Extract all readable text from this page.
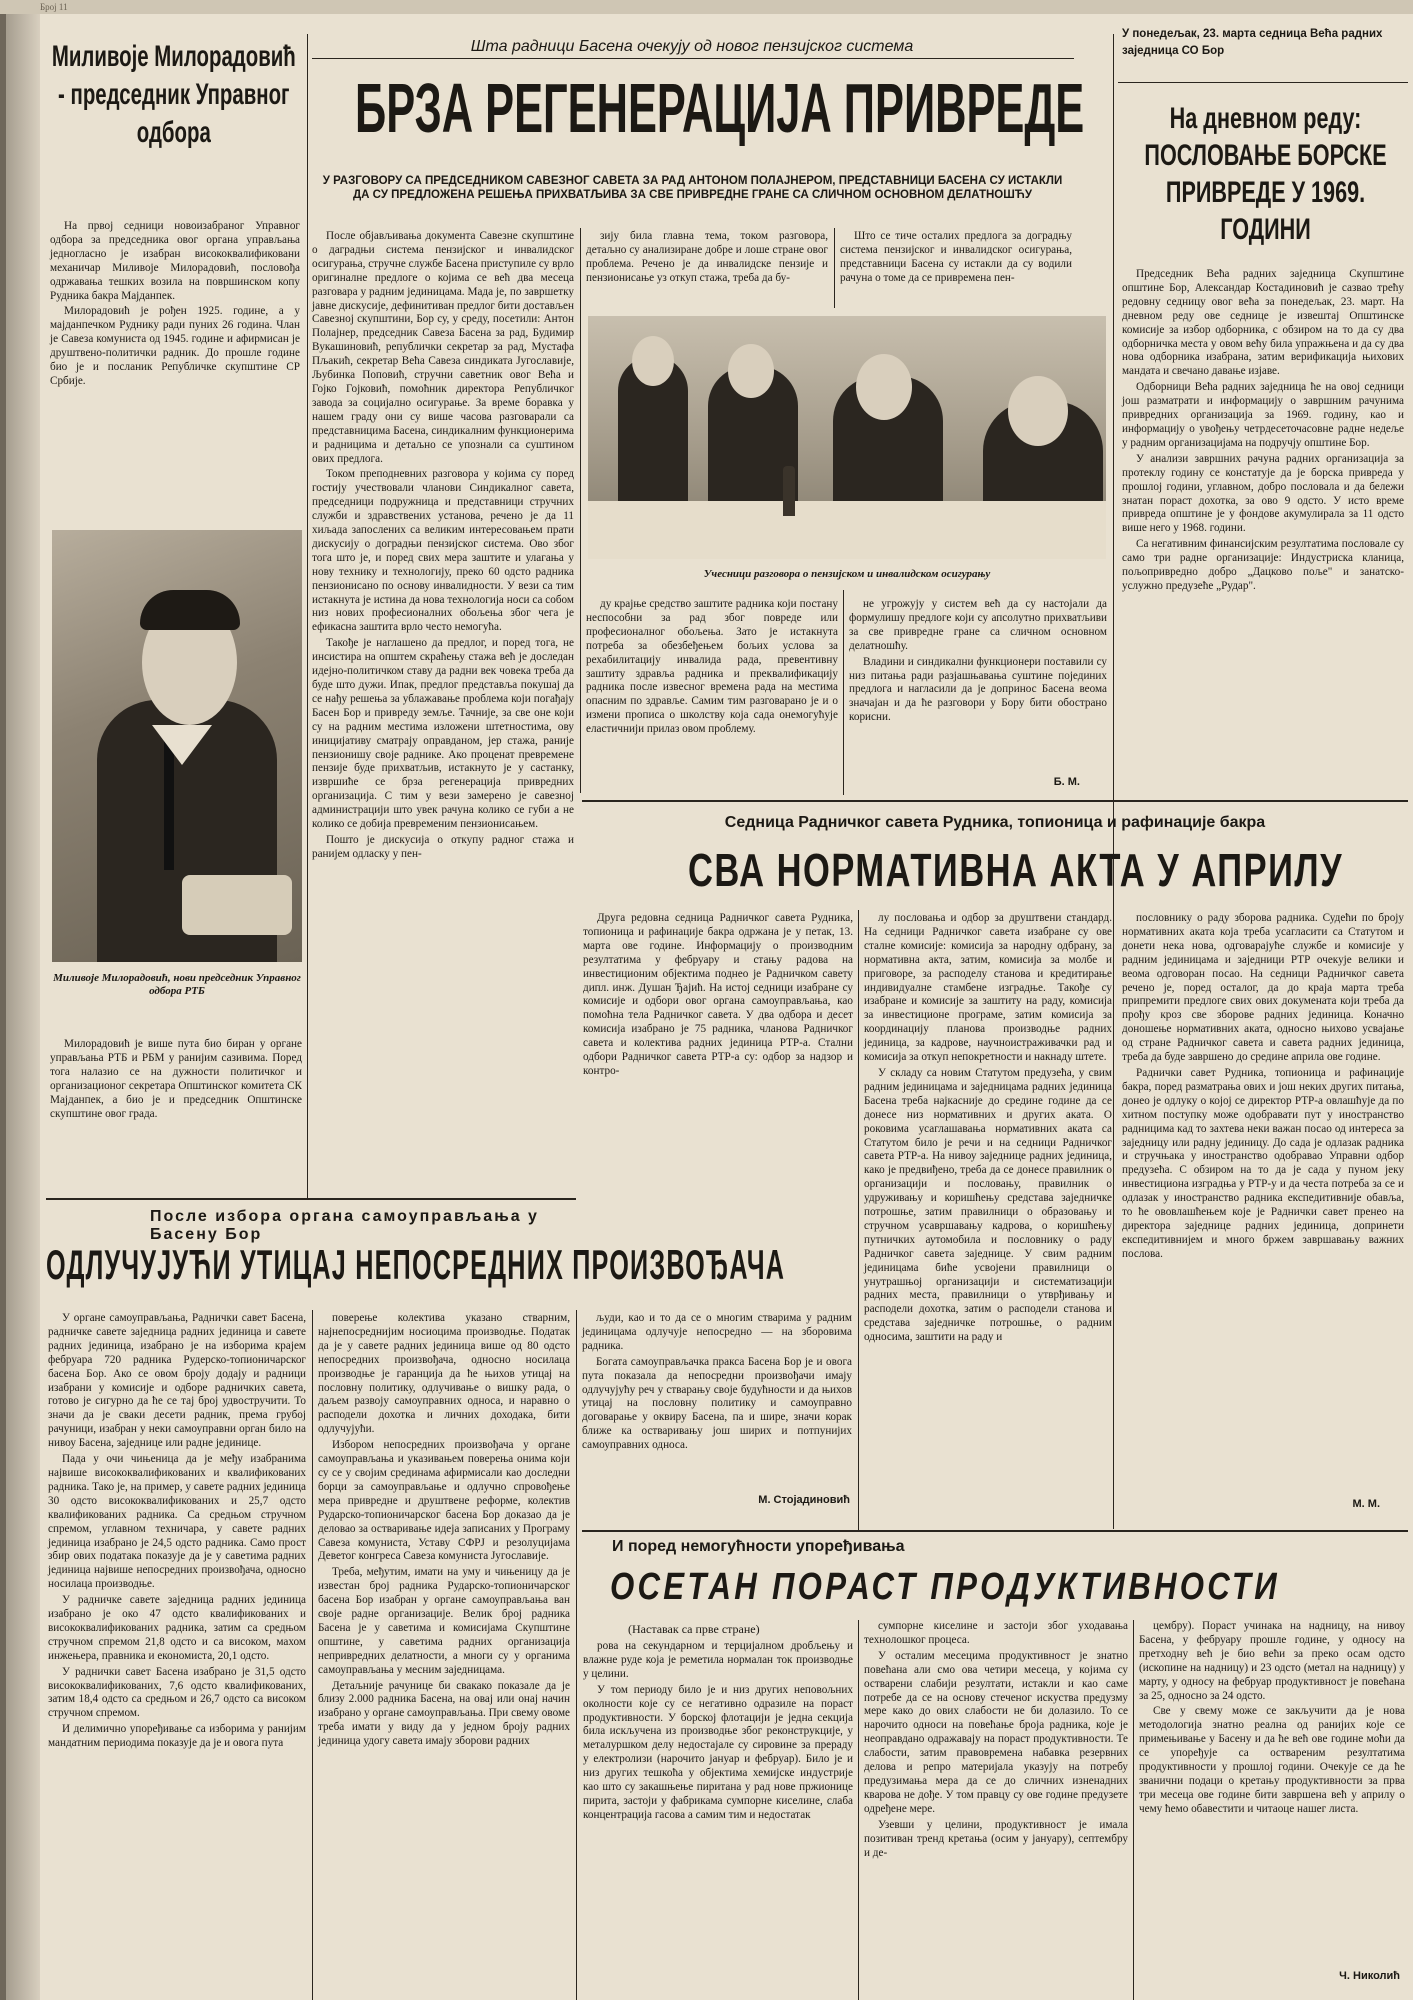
Број 11
Миливоје Милорадовић - председник Управног одбора

На првој седници новоизабраног Управног одбора за председника овог органа управљања једногласно је изабран висококвалификовани механичар Миливоје Милорадовић, пословођа одржавања тешких возила на површинском копу Рудника бакра Мајданпек.

Милорадовић је рођен 1925. године, а у мајданпечком Руднику ради пуних 26 година. Члан је Савеза комуниста од 1945. године и афирмисан је друштвено-политички радник. До прошле године био је и посланик Републичке скупштине СР Србије.

Миливоје Милорадовић, нови председник Управног одбора РТБ

Милорадовић је више пута био биран у органе управљања РТБ и РБМ у ранијим сазивима. Поред тога налазио се на дужности политичког и организационог секретара Општинског комитета СК Мајданпек, а био је и председник Општинске скупштине овог града.

Шта радници Басена очекују од новог пензијског система
БРЗА РЕГЕНЕРАЦИЈА ПРИВРЕДЕ
У РАЗГОВОРУ СА ПРЕДСЕДНИКОМ САВЕЗНОГ САВЕТА ЗА РАД АНТОНОМ ПОЛАЈНЕРОМ, ПРЕДСТАВНИЦИ БАСЕНА СУ ИСТАКЛИ ДА СУ ПРЕДЛОЖЕНА РЕШЕЊА ПРИХВАТЉИВА ЗА СВЕ ПРИВРЕДНЕ ГРАНЕ СА СЛИЧНОМ ОСНОВНОМ ДЕЛАТНОШЋУ

После објављивања документа Савезне скупштине о даградњи система пензијског и инвалидског осигурања, стручне службе Басена приступиле су врло оригиналне предлоге о којима се већ два месеца разговара у радним јединицама. Мада је, по завршетку јавне дискусије, дефинитиван предлог бити достављен Савезној скупштини, Бор су, у среду, посетили: Антон Полајнер, председник Савеза Басена за рад, Будимир Вукашиновић, републички секретар за рад, Мустафа Пљакић, секретар Већа Савеза синдиката Југославије, Љубинка Поповић, стручни саветник овог Већа и Гојко Гојковић, помоћник директора Републичког завода за социјално осигурање. За време боравка у нашем граду они су више часова разговарали са представницима Басена, синдикалним функционерима и радницима и детаљно се упознали са суштином ових предлога.

Током преподневних разговора у којима су поред гостију учествовали чланови Синдикалног савета, председници подружница и представници стручних служби и здравствених установа, речено је да 11 хиљада запослених са великим интересовањем прати дискусију о доградњи пензијског система. Ово због тога што је, и поред свих мера заштите и улагања у нову технику и технологију, преко 60 одсто радника пензионисано по основу инвалидности. У вези са тим истакнута је истина да нова технологија носи са собом низ нових професионалних обољења због чега је ефикасна заштита врло често немогућа.

Такође је наглашено да предлог, и поред тога, не инсистира на општем скраћењу стажа већ је доследан идејно-политичком ставу да радни век човека треба да буде што дужи. Ипак, предлог представља покушај да се нађу решења за ублажавање проблема који погађају Басен Бор и привреду земље. Тачније, за све оне који су на радним местима изложени штетностима, ову иницијативу сматрају оправданом, јер стажа, раније пензионишу своје раднике. Ако проценат превремене пензије буде прихватљив, истакнуто је у састанку, извршиће се брза регенерација привредних организација. С тим у вези замерено је савезној администрацији што увек рачуна колико се губи а не колико се добија превременим пензионисањем.

Пошто је дискусија о откупу радног стажа и ранијем одласку у пен-

зију била главна тема, током разговора, детаљно су анализиране добре и лоше стране овог проблема. Речено је да инвалидске пензије и пензионисање уз откуп стажа, треба да бу-

Што се тиче осталих предлога за доградњу система пензијског и инвалидског осигурања, представници Басена су истакли да су водили рачуна о томе да се привремена пен-

Учесници разговора о пензијском и инвалидском осигурању

ду крајње средство заштите радника који постану неспособни за рад због повреде или професионалног обољења. Зато је истакнута потреба за обезбеђењем бољих услова за рехабилитацију инвалида рада, превентивну заштиту здравља радника и преквалификацију радника после извесног времена рада на местима опасним по здравље. Самим тим разговарано је и о измени прописа о школству која сада онемогућује еластичнији прилаз овом проблему.

не угрожују у систем већ да су настојали да формулишу предлоге који су апсолутно прихватљиви за све привредне гране са сличном основном делатношћу.

Владини и синдикални функционери поставили су низ питања ради разјашњавања суштине појединих предлога и нагласили да је допринос Басена веома значајан и да ће разговори у Бору бити обострано корисни.

Б. М.
У понедељак, 23. марта седница Већа радних заједница СО Бор
На дневном реду: ПОСЛОВАЊЕ БОРСКЕ ПРИВРЕДЕ У 1969. ГОДИНИ

Председник Већа радних заједница Скупштине општине Бор, Александар Костадиновић је сазвао трећу редовну седницу овог већа за понедељак, 23. март. На дневном реду ове седнице је извештај Општинске комисије за избор одборника, с обзиром на то да су два одборничка места у овом већу била упражњена и да су два нова одборника изабрана, затим верификација њихових мандата и свечано давање изјаве.

Одборници Већа радних заједница ће на овој седници још разматрати и информацију о завршним рачунима привредних организација за 1969. годину, као и информацију о увођењу четрдесеточасовне радне недеље у радним организацијама на подручју општине Бор.

У анализи завршних рачуна радних организација за протеклу годину се констатује да је борска привреда у прошлој години, углавном, добро пословала и да бележи знатан пораст дохотка, за ово 9 одсто. У исто време привреда општине је у фондове акумулирала за 11 одсто више него у 1968. години.

Са негативним финансијским резултатима пословале су само три радне организације: Индустриска кланица, пољопривредно добро „Дацково поље" и занатско-услужно предузеће „Рудар".

Седница Радничког савета Рудника, топионица и рафинације бакра
СВА НОРМАТИВНА АКТА У АПРИЛУ

Друга редовна седница Радничког савета Рудника, топионица и рафинације бакра одржана је у петак, 13. марта ове године. Информацију о производним резултатима у фебруару и стању радова на инвестиционим објектима поднео је Радничком савету дипл. инж. Душан Ђајић. На истој седници изабране су комисије и одбори овог органа самоуправљања, као помоћна тела Радничког савета. У два одбора и десет комисија изабрано је 75 радника, чланова Радничког савета и колектива радних јединица РТР-а. Стални одбори Радничког савета РТР-а су: одбор за надзор и контро-

лу пословања и одбор за друштвени стандард. На седници Радничког савета изабране су ове сталне комисије: комисија за народну одбрану, за нормативна акта, затим, комисија за молбе и приговоре, за расподелу станова и кредитирање индивидуалне стамбене изградње. Такође су изабране и комисије за заштиту на раду, комисија за инвестиционе програме, затим комисија за координацију планова производње радних јединица, за кадрове, научноистраживачки рад и комисија за откуп непокретности и накнаду штете.

У складу са новим Статутом предузећа, у свим радним јединицама и заједницама радних јединица Басена треба најкасније до средине године да се донесе низ нормативних и других аката. О роковима усаглашавања нормативних аката са Статутом било је речи и на седници Радничког савета РТР-а. На нивоу заједнице радних јединица, како је предвиђено, треба да се донесе правилник о организацији и пословању, правилник о удруживању и коришћењу средстава заједничке потрошње, затим правилници о образовању и стручном усавршавању кадрова, о коришћењу путничких аутомобила и пословнику о раду Радничког савета заједнице. У свим радним јединицама биће усвојени правилници о унутрашњој организацији и систематизацији радних места, правилници о утврђивању и расподели дохотка, затим о расподели станова и средстава заједничке потрошње, о радним односима, заштити на раду и

пословнику о раду зборова радника. Судећи по броју нормативних аката која треба усагласити са Статутом и донети нека нова, одговарајуће службе и комисије у радним јединицама и заједници РТР очекује велики и веома одговоран посао. На седници Радничког савета речено је, поред осталог, да до краја марта треба припремити предлоге свих ових докумената који треба да прођу кроз све зборове радних јединица. Коначно доношење нормативних аката, односно њихово усвајање од стране Радничког савета и савета радних јединица, треба да буде завршено до средине априла ове године.

Раднички савет Рудника, топионица и рафинације бакра, поред разматрања ових и још неких других питања, донео је одлуку о којој се директор РТР-а овлашћује да по хитном поступку може одобравати пут у иностранство радницима кад то захтева неки важан посао од интереса за заједницу или радну јединицу. До сада је одлазак радника и стручњака у иностранство одобравао Управни одбор предузећа. С обзиром на то да је сада у пуном јеку инвестициона изградња у РТР-у и да честа потреба за се и одлазак у иностранство радника експедитивније обавља, то ће ововлашћењем које је Раднички савет пренео на директора заједнице радних јединица, допринети експедитивнијем и много бржем завршавању важних послова.

М. М.
После избора органа самоуправљања у Басену Бор
ОДЛУЧУЈУЋИ УТИЦАЈ НЕПОСРЕДНИХ ПРОИЗВОЂАЧА

У органе самоуправљања, Раднички савет Басена, радничке савете заједница радних јединица и савете радних јединица, изабрано је на изборима крајем фебруара 720 радника Рудерско-топионичарског басена Бор. Ако се овом броју додају и радници изабрани у комисије и одборе радничких савета, готово је сигурно да ће се тај број удвостручити. То значи да је сваки десети радник, према грубој рачуници, изабран у неки самоуправни орган било на нивоу Басена, заједнице или радне јединице.

Пада у очи чињеница да је међу изабранима највише висококвалификованих и квалификованих радника. Тако је, на пример, у савете радних јединица 30 одсто висококвалификованих и 25,7 одсто квалификованих радника. Са средњом стручном спремом, углавном техничара, у савете радних јединица изабрано је 24,5 одсто радника. Само прост збир ових података показује да је у саветима радних јединица највише непосредних произвођача, односно носилаца производње.

У радничке савете заједница радних јединица изабрано је око 47 одсто квалификованих и висококвалификованих радника, затим са средњом стручном спремом 21,8 одсто и са високом, махом инжењера, правника и економиста, 20,1 одсто.

У раднички савет Басена изабрано је 31,5 одсто висококвалификованих, 7,6 одсто квалификованих, затим 18,4 одсто са средњом и 26,7 одсто са високом стручном спремом.

И делимично упоређивање са изборима у ранијим мандатним периодима показује да је и овога пута

поверење колектива указано стварним, најнепосреднијим носиоцима производње. Податак да је у савете радних јединица више од 80 одсто непосредних произвођача, односно носилаца производње је гаранција да ће њихов утицај на пословну политику, одлучивање о вишку рада, о даљем развоју самоуправних односа, и наравно о расподели дохотка и личних доходака, бити одлучујући.

Избором непосредних произвођача у органе самоуправљања и указивањем поверења онима који су се у својим срединама афирмисали као доследни борци за самоуправљање и одлучно спровођење мера привредне и друштвене реформе, колектив Рударско-топионичарског басена Бор доказао да је деловао за остваривање идеја записаних у Програму Савеза комуниста, Уставу СФРЈ и резолуцијама Деветог конгреса Савеза комуниста Југославије.

Треба, међутим, имати на уму и чињеницу да је известан број радника Рударско-топионичарског басена Бор изабран у органе самоуправљања ван своје радне организације. Велик број радника Басена је у саветима и комисијама Скупштине општине, у саветима радних организација непривредних делатности, а многи су у органима самоуправљања у месним заједницама.

Детаљније рачунице би свакако показале да је близу 2.000 радника Басена, на овај или онај начин изабрано у органе самоуправљања. При свему овоме треба имати у виду да у једном броју радних јединица удогу савета имају зборови радних

људи, као и то да се о многим стварима у радним јединицама одлучује непосредно — на зборовима радника.

Богата самоуправљачка пракса Басена Бор је и овога пута показала да непосредни произвођачи имају одлучујућу реч у стварању своје будућности и да њихов утицај на пословну политику и самоуправно договарање у оквиру Басена, па и шире, значи корак ближе ка остваривању још ширих и потпунијих самоуправних односа.

М. Стојадиновић
И поред немогућности упоређивања
ОСЕТАН ПОРАСТ ПРОДУКТИВНОСТИ
(Наставак са прве стране)

рова на секундарном и терцијалном дробљењу и влажне руде која је реметила нормалан ток производње у целини.

У том периоду било је и низ других неповољних околности које су се негативно одразиле на пораст продуктивности. У борској флотацији је једна секција била искључена из производње због реконструкције, у металуршком делу недостајале су сировине за прераду у електролизи (нарочито јануар и фебруар). Било је и низ других тешкоћа у објектима хемијске индустрије као што су закашњење пиритана у рад нове пржионице пирита, застоји у фабрикама сумпорне киселине, слаба концентрација гасова а самим тим и недостатак

сумпорне киселине и застоји због уходавања технолошког процеса.

У осталим месецима продуктивност је знатно повећана али смо ова четири месеца, у којима су остварени слабији резултати, истакли и као саме потребе да се на основу стеченог искуства предузму мере како до ових слабости не би долазило. То се нарочито односи на повећање броја радника, које је неоправдано одражавају на пораст продуктивности. Те слабости, затим правовремена набавка резервних делова и репро материјала указују на потребу предузимања мера да се до сличних изненадних кварова не дође. У том правцу су ове године предузете одређене мере.

Узевши у целини, продуктивност је имала позитиван тренд кретања (осим у јануару), септембру и де-

цембру). Пораст учинака на надницу, на нивоу Басена, у фебруару прошле године, у односу на претходну већ је био већи за преко осам одсто (ископине на надницу) и 23 одсто (метал на надницу) у марту, у односу на фебруар продуктивност је повећана за 25, односно за 24 одсто.

Све у свему може се закључити да је нова методологија знатно реална од ранијих које се примењивање у Басену и да ће већ овe године моћи да се упоређује са оствареним резултатима продуктивности у прошлој години. Очекује се да ће званични подаци о кретању продуктивности за прва три месеца ове године бити завршена већ у априлу о чему ћемо обавестити и читаоце нашег листа.

Ч. Николић
